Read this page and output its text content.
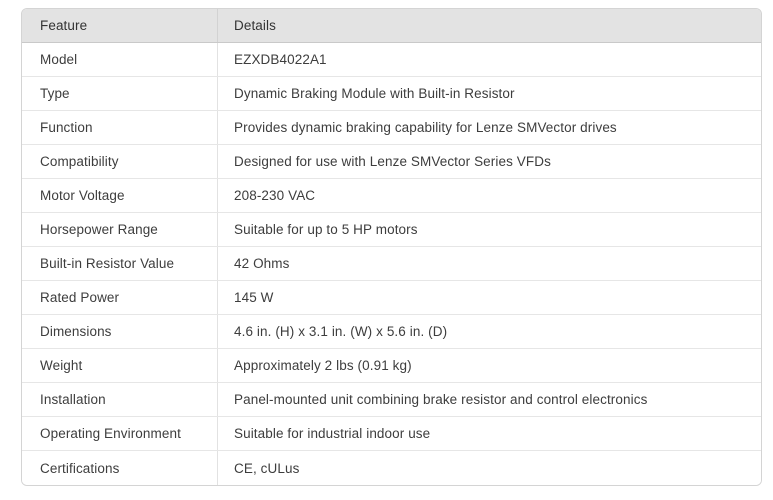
Feature	Details
Model	EZXDB4022A1
Type	Dynamic Braking Module with Built-in Resistor
Function	Provides dynamic braking capability for Lenze SMVector drives
Compatibility	Designed for use with Lenze SMVector Series VFDs
Motor Voltage	208-230 VAC
Horsepower Range	Suitable for up to 5 HP motors
Built-in Resistor Value	42 Ohms
Rated Power	145 W
Dimensions	4.6 in. (H) x 3.1 in. (W) x 5.6 in. (D)
Weight	Approximately 2 lbs (0.91 kg)
Installation	Panel-mounted unit combining brake resistor and control electronics
Operating Environment	Suitable for industrial indoor use
Certifications	CE, cULus
